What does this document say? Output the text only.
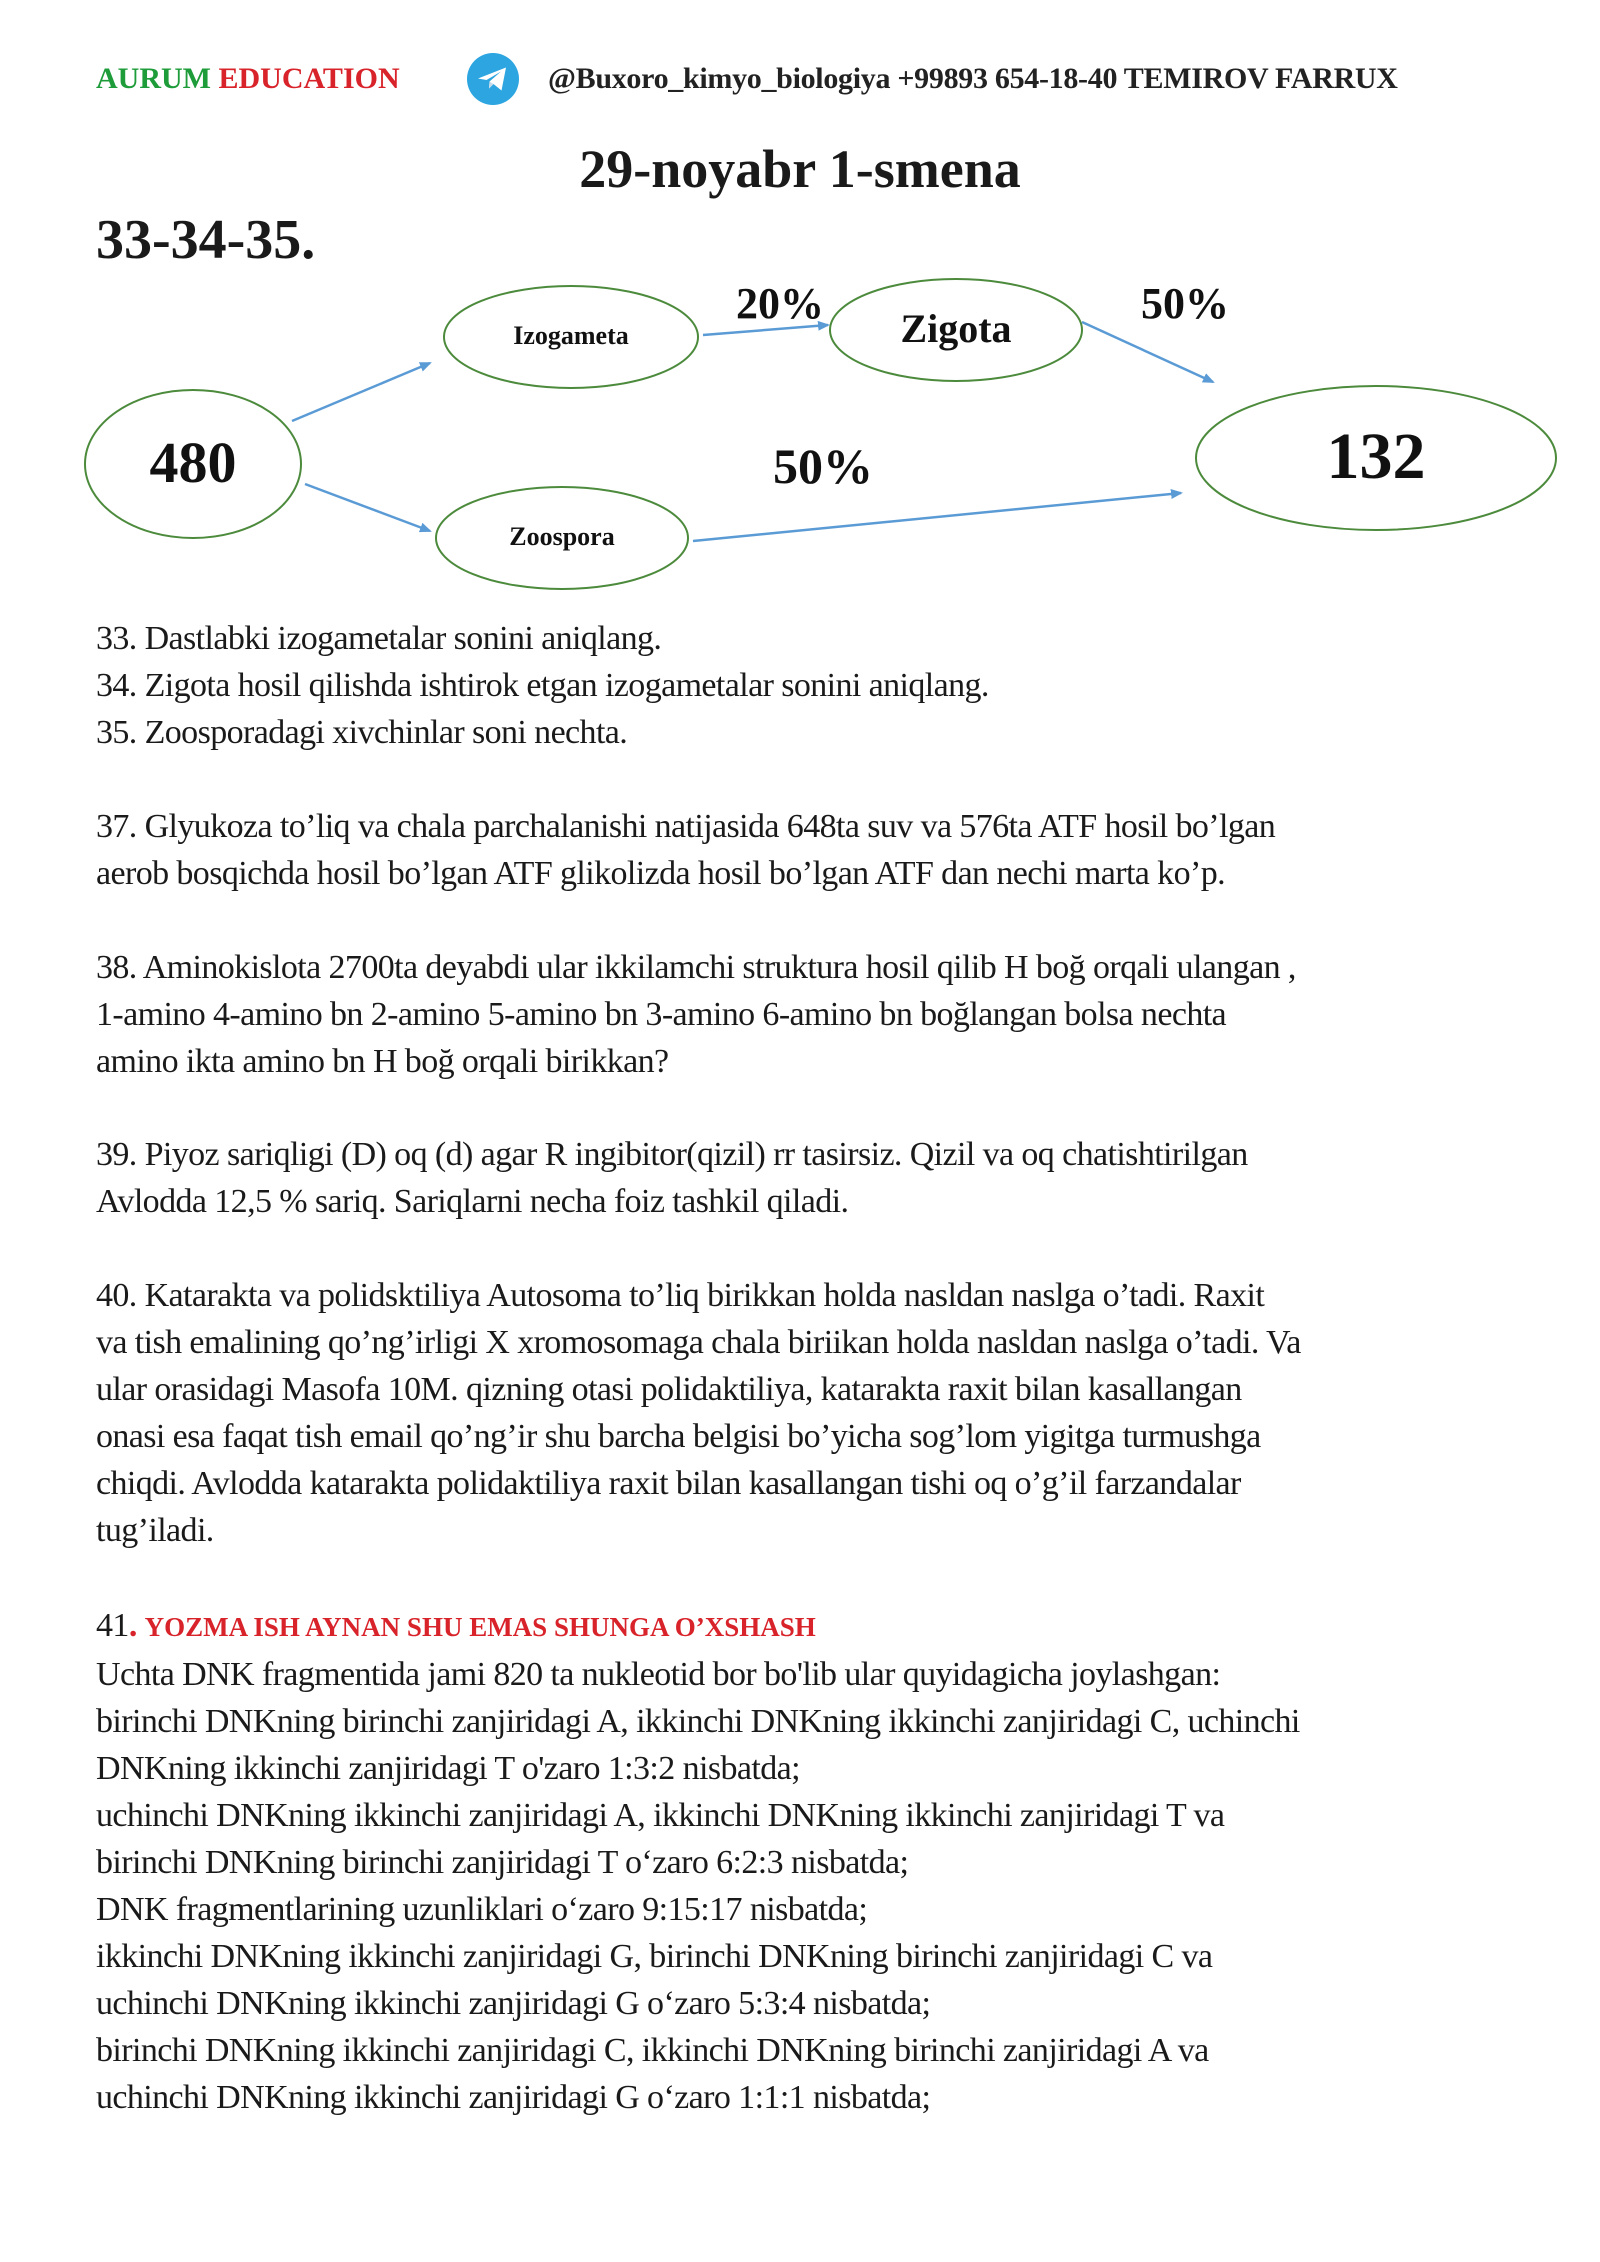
AURUM EDUCATION	@Buxoro_kimyo_biologiya +99893 654-18-40 TEMIROV FARRUX
29-noyabr 1-smena
33-34-35.
480
Izogameta	Zigota
Zoospora
132
20%	50%
50%

33. Dastlabki izogametalar sonini aniqlang.

34. Zigota hosil qilishda ishtirok etgan izogametalar sonini aniqlang.

35. Zoosporadagi xivchinlar soni nechta.

37. Glyukoza to’liq va chala parchalanishi natijasida 648ta suv va 576ta ATF hosil bo’lgan

aerob bosqichda hosil bo’lgan ATF glikolizda hosil bo’lgan ATF dan nechi marta ko’p.

38. Aminokislota 2700ta deyabdi ular ikkilamchi struktura hosil qilib H boğ orqali ulangan ,

1-amino 4-amino bn 2-amino 5-amino bn 3-amino 6-amino bn boğlangan bolsa nechta

amino ikta amino bn H boğ orqali birikkan?

39. Piyoz sariqligi (D) oq (d) agar R ingibitor(qizil) rr tasirsiz. Qizil va oq chatishtirilgan

Avlodda 12,5 % sariq. Sariqlarni necha foiz tashkil qiladi.

40. Katarakta va polidsktiliya Autosoma to’liq birikkan holda nasldan naslga o’tadi. Raxit

va tish emalining qo’ng’irligi X xromosomaga chala biriikan holda nasldan naslga o’tadi. Va

ular orasidagi Masofa 10M. qizning otasi polidaktiliya, katarakta raxit bilan kasallangan

onasi esa faqat tish email qo’ng’ir shu barcha belgisi bo’yicha sog’lom yigitga turmushga

chiqdi. Avlodda katarakta polidaktiliya raxit bilan kasallangan tishi oq o’g’il farzandalar

tug’iladi.

41. YOZMA ISH AYNAN SHU EMAS SHUNGA O’XSHASH

Uchta DNK fragmentida jami 820 ta nukleotid bor bo'lib ular quyidagicha joylashgan:

birinchi DNKning birinchi zanjiridagi A, ikkinchi DNKning ikkinchi zanjiridagi C, uchinchi

DNKning ikkinchi zanjiridagi T o'zaro 1:3:2 nisbatda;

uchinchi DNKning ikkinchi zanjiridagi A, ikkinchi DNKning ikkinchi zanjiridagi T va

birinchi DNKning birinchi zanjiridagi T o‘zaro 6:2:3 nisbatda;

DNK fragmentlarining uzunliklari o‘zaro 9:15:17 nisbatda;

ikkinchi DNKning ikkinchi zanjiridagi G, birinchi DNKning birinchi zanjiridagi C va

uchinchi DNKning ikkinchi zanjiridagi G o‘zaro 5:3:4 nisbatda;

birinchi DNKning ikkinchi zanjiridagi C, ikkinchi DNKning birinchi zanjiridagi A va

uchinchi DNKning ikkinchi zanjiridagi G o‘zaro 1:1:1 nisbatda;
